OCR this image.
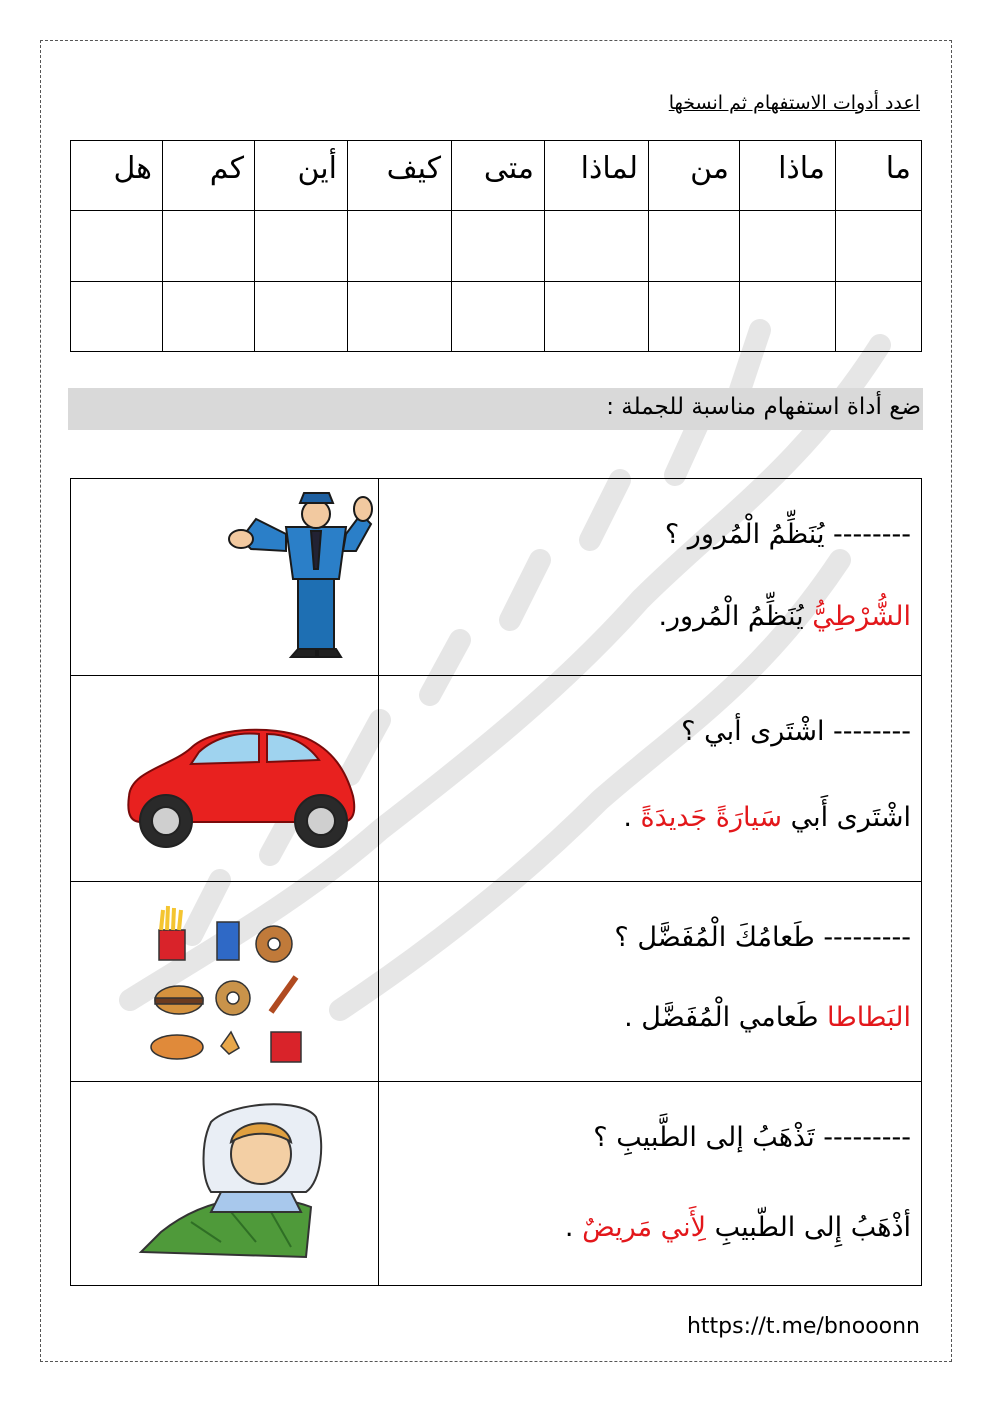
اعدد أدوات الاستفهام ثم انسخها
هل	كم	أين	كيف	متى	لماذا	من	ماذا	ما

ضع أداة استفهام مناسبة للجملة :

-------- يُنَظِّمُ الْمُرور ؟
الشُّرْطِيُّ يُنَظِّمُ الْمُرور.

-------- اشْتَرى أبي ؟
اشْتَرى أَبي سَيارَةً جَديدَةً .

--------- طَعامُكَ الْمُفَضَّل ؟
البَطاطا طَعامي الْمُفَضَّل .

--------- تَذْهَبُ إلى الطَّبيبِ ؟
أذْهَبُ إِلى الطّبيبِ لِأَني مَريضٌ .
https://t.me/bnooonn
